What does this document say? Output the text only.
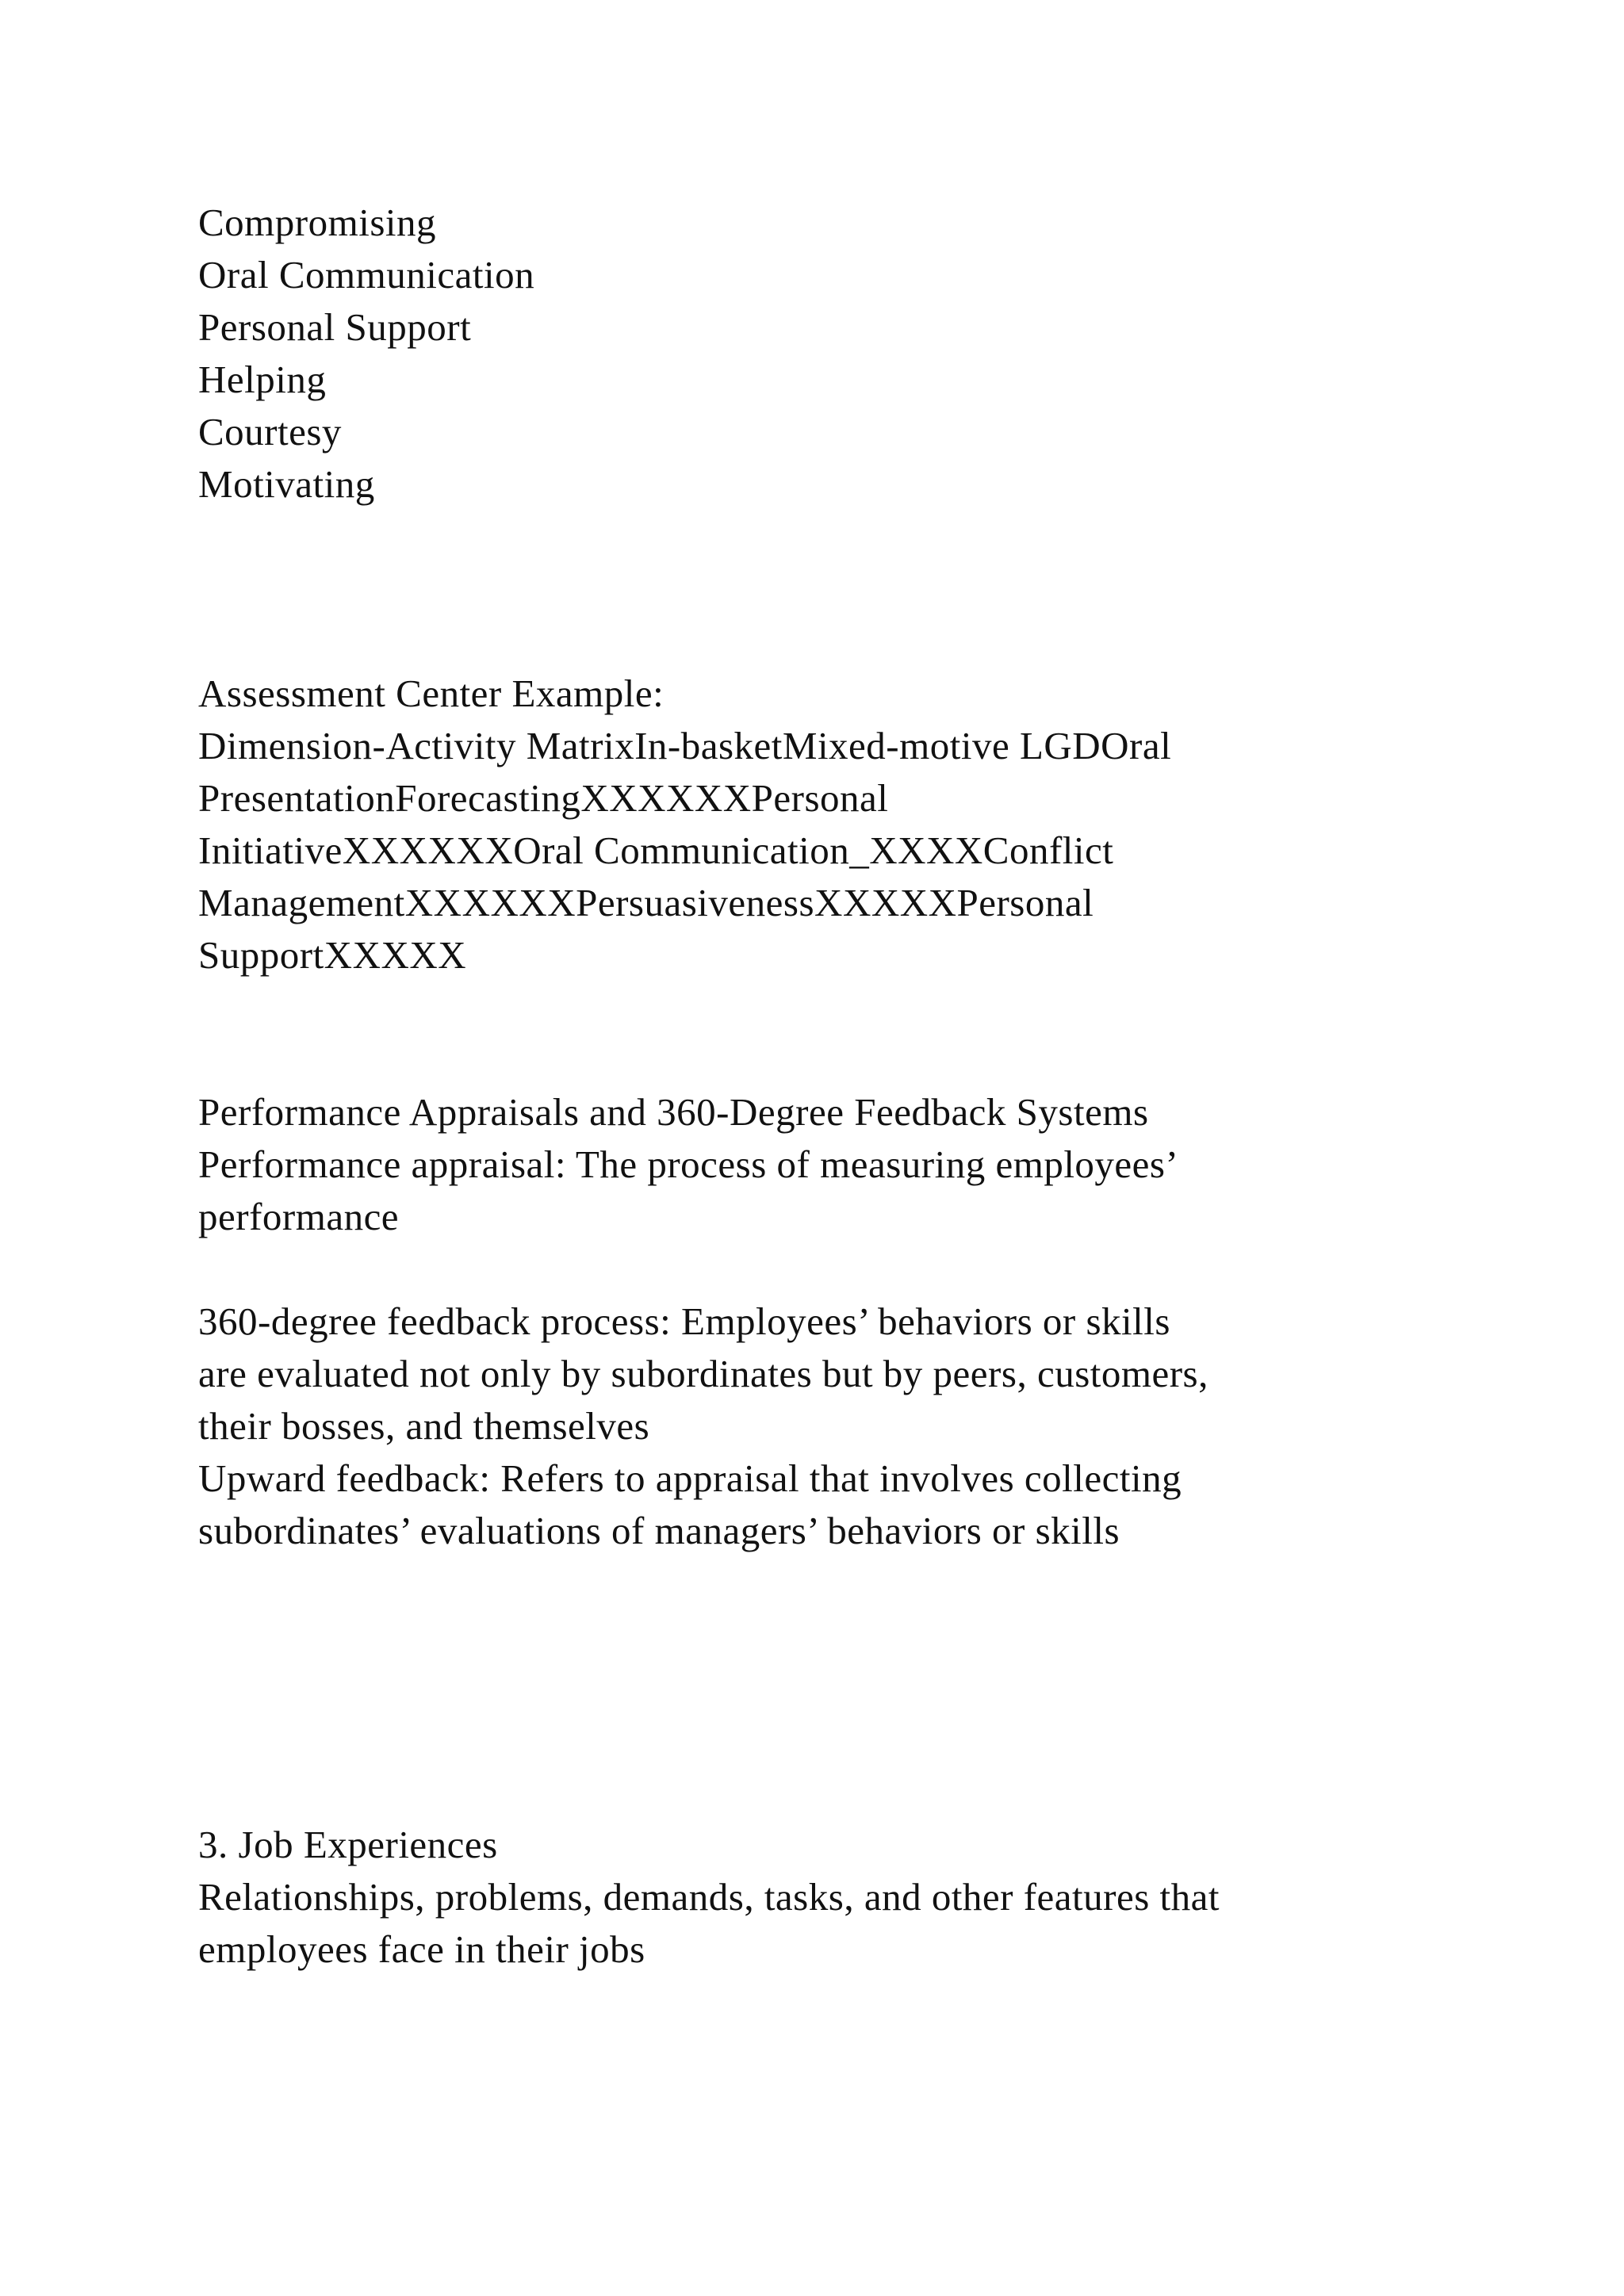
Compromising

Oral Communication

Personal Support

Helping

Courtesy

Motivating

Assessment Center Example:

Dimension-Activity MatrixIn-basketMixed-motive LGDOral

PresentationForecastingXXXXXXPersonal

InitiativeXXXXXXOral Communication_XXXXConflict

ManagementXXXXXXPersuasivenessXXXXXPersonal

SupportXXXXX

Performance Appraisals and 360-Degree Feedback Systems

Performance appraisal: The process of measuring employees’

performance

360-degree feedback process: Employees’ behaviors or skills

are evaluated not only by subordinates but by peers, customers,

their bosses, and themselves

Upward feedback: Refers to appraisal that involves collecting

subordinates’ evaluations of managers’ behaviors or skills

3. Job Experiences

Relationships, problems, demands, tasks, and other features that

employees face in their jobs
